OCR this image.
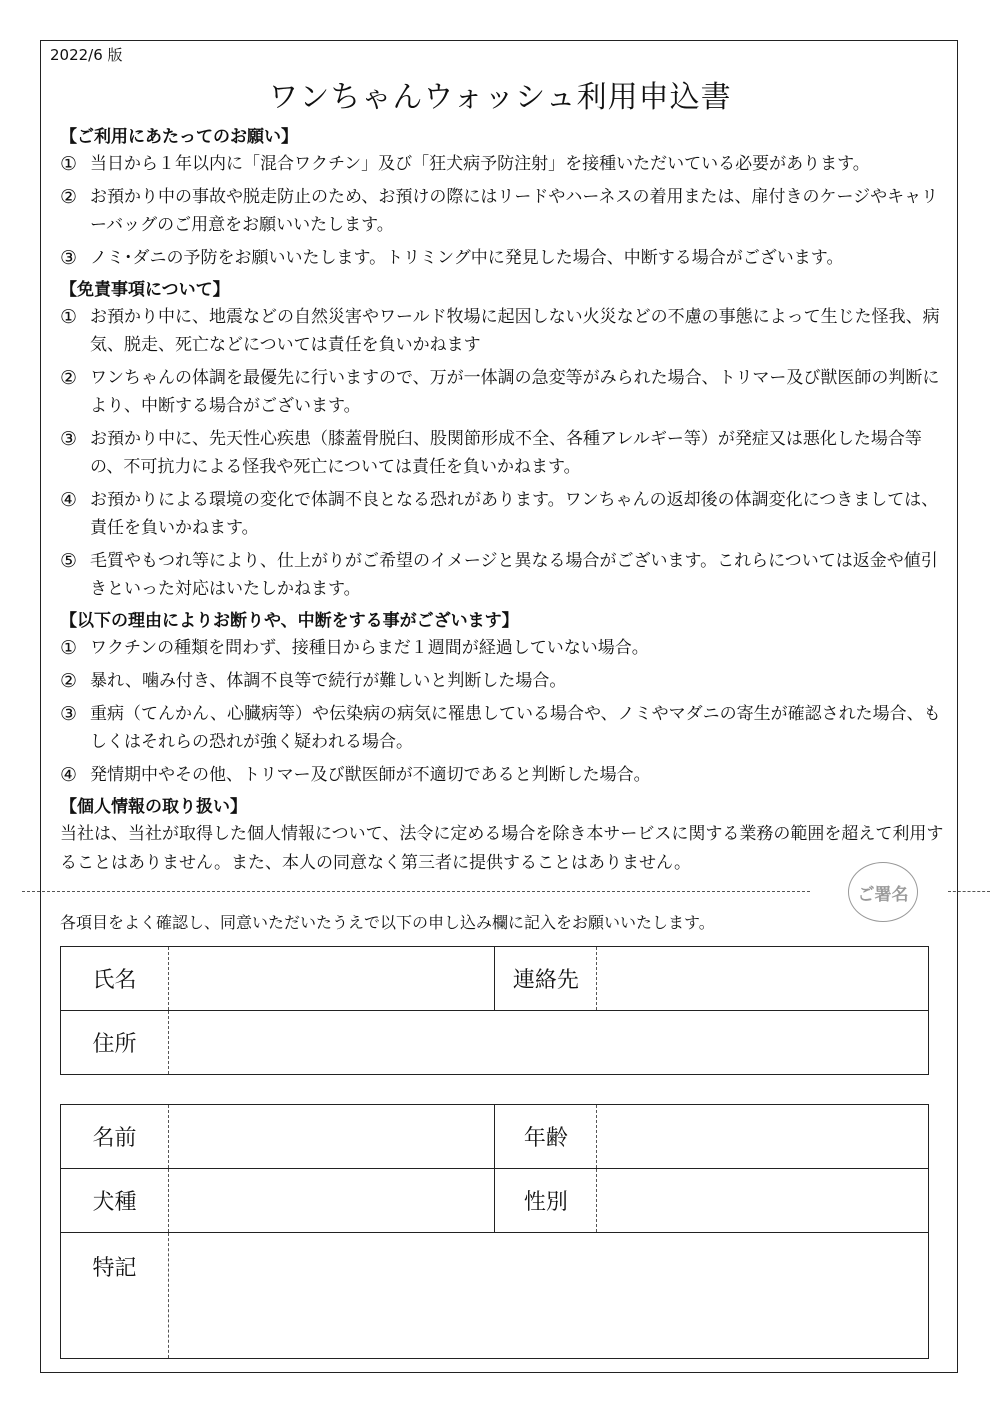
2022/6 版
ワンちゃんウォッシュ利用申込書
【ご利用にあたってのお願い】
① 当日から１年以内に「混合ワクチン」及び「狂犬病予防注射」を接種いただいている必要があります。
② お預かり中の事故や脱走防止のため、お預けの際にはリードやハーネスの着用または、扉付きのケージやキャリーバッグのご用意をお願いいたします。
③ ノミ･ダニの予防をお願いいたします。トリミング中に発見した場合、中断する場合がございます。
【免責事項について】
① お預かり中に、地震などの自然災害やワールド牧場に起因しない火災などの不慮の事態によって生じた怪我、病気、脱走、死亡などについては責任を負いかねます
② ワンちゃんの体調を最優先に行いますので、万が一体調の急変等がみられた場合、トリマー及び獣医師の判断により、中断する場合がございます。
③ お預かり中に、先天性心疾患（膝蓋骨脱臼、股関節形成不全、各種アレルギー等）が発症又は悪化した場合等の、不可抗力による怪我や死亡については責任を負いかねます。
④ お預かりによる環境の変化で体調不良となる恐れがあります。ワンちゃんの返却後の体調変化につきましては、責任を負いかねます。
⑤ 毛質やもつれ等により、仕上がりがご希望のイメージと異なる場合がございます。これらについては返金や値引きといった対応はいたしかねます。
【以下の理由によりお断りや、中断をする事がございます】
① ワクチンの種類を問わず、接種日からまだ１週間が経過していない場合。
② 暴れ、噛み付き、体調不良等で続行が難しいと判断した場合。
③ 重病（てんかん、心臓病等）や伝染病の病気に罹患している場合や、ノミやマダニの寄生が確認された場合、もしくはそれらの恐れが強く疑われる場合。
④ 発情期中やその他、トリマー及び獣医師が不適切であると判断した場合。
【個人情報の取り扱い】
当社は、当社が取得した個人情報について、法令に定める場合を除き本サービスに関する業務の範囲を超えて利用することはありません。また、本人の同意なく第三者に提供することはありません。
ご署名
各項目をよく確認し、同意いただいたうえで以下の申し込み欄に記入をお願いいたします。
氏名		連絡先	
住所			
名前		年齢	
犬種		性別	
特記			
